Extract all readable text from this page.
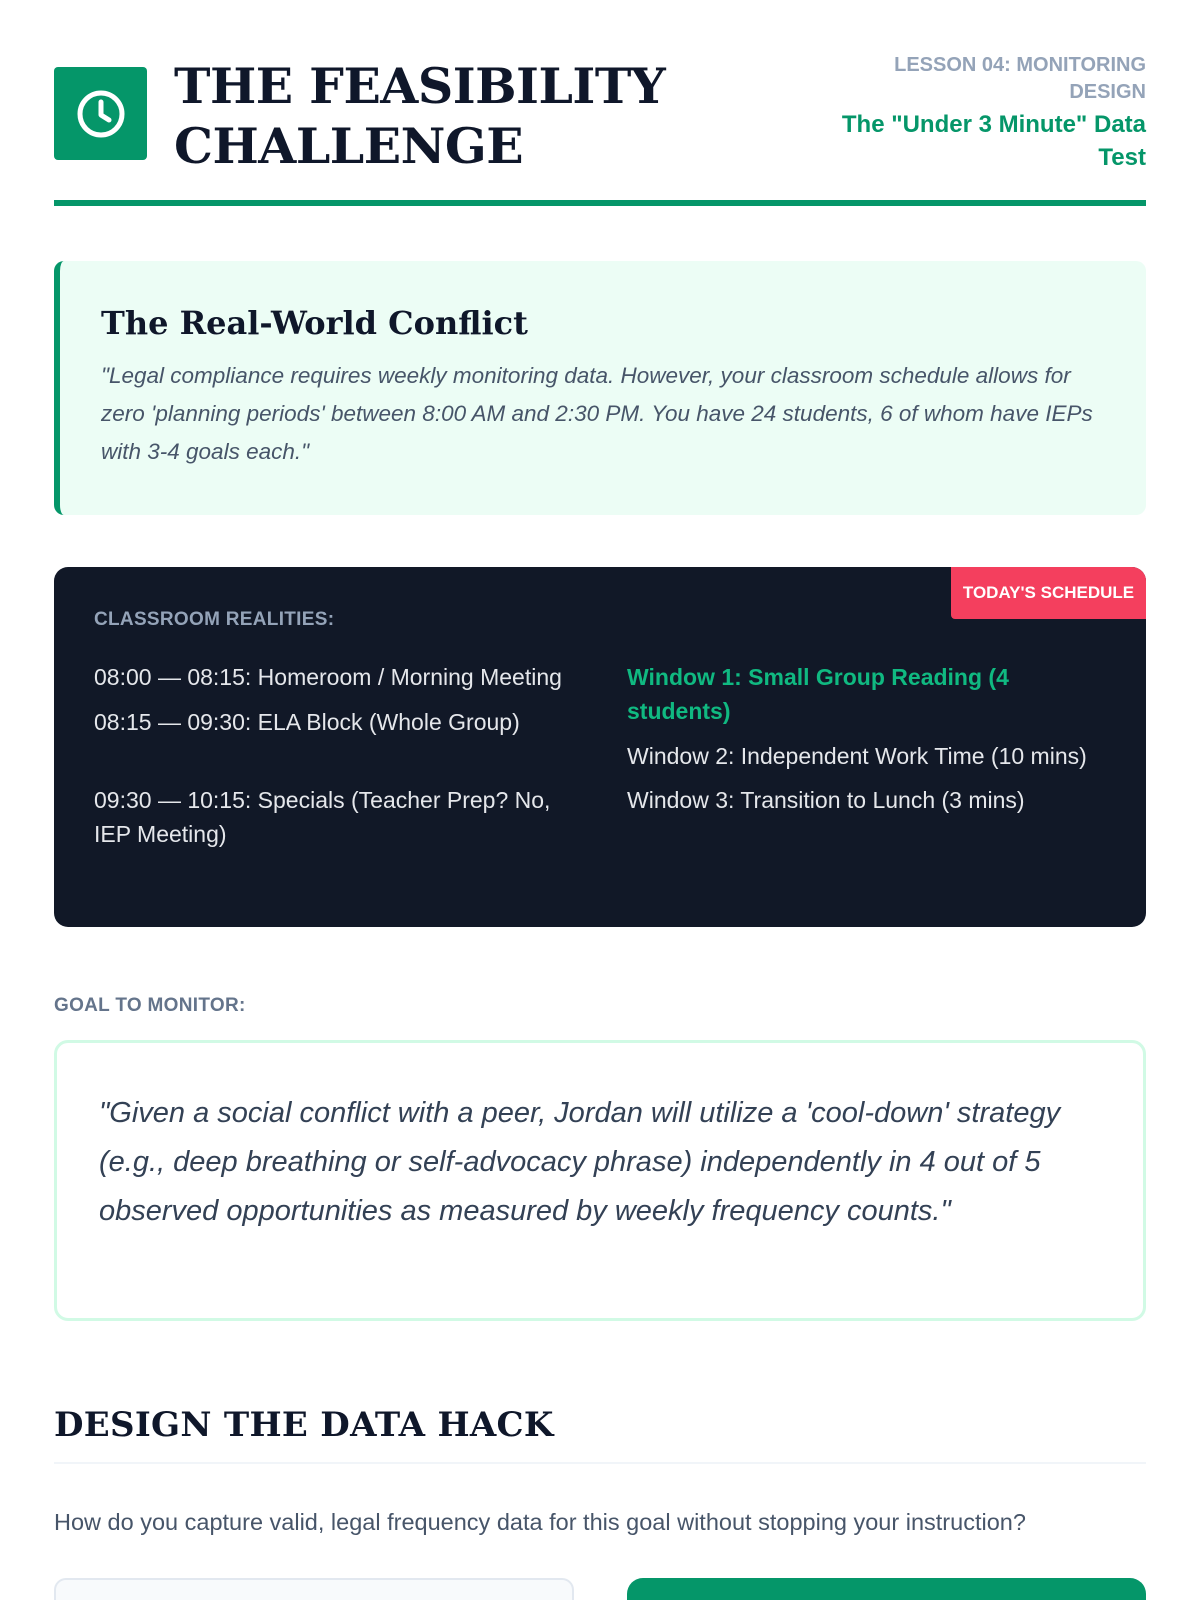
THE FEASIBILITY
CHALLENGE
LESSON 04: MONITORING DESIGN
The "Under 3 Minute" Data Test
The Real-World Conflict
"Legal compliance requires weekly monitoring data. However, your classroom schedule allows for zero 'planning periods' between 8:00 AM and 2:30 PM. You have 24 students, 6 of whom have IEPs with 3-4 goals each."
TODAY'S SCHEDULE
CLASSROOM REALITIES:
08:00 — 08:15: Homeroom / Morning Meeting
08:15 — 09:30: ELA Block (Whole Group)
09:30 — 10:15: Specials (Teacher Prep? No, IEP Meeting)
Window 1: Small Group Reading (4 students)
Window 2: Independent Work Time (10 mins)
Window 3: Transition to Lunch (3 mins)
GOAL TO MONITOR:
"Given a social conflict with a peer, Jordan will utilize a 'cool-down' strategy (e.g., deep breathing or self-advocacy phrase) independently in 4 out of 5 observed opportunities as measured by weekly frequency counts."
DESIGN THE DATA HACK
How do you capture valid, legal frequency data for this goal without stopping your instruction?
